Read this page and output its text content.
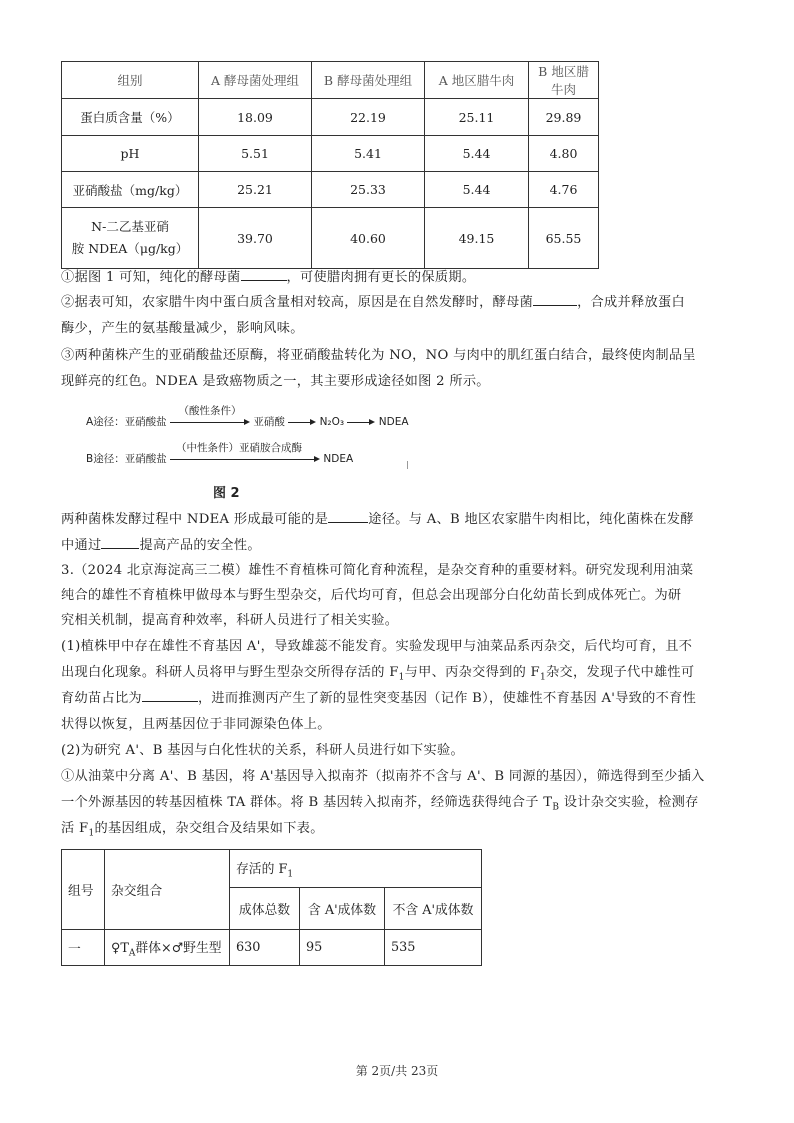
组别	A 酵母菌处理组	B 酵母菌处理组	A 地区腊牛肉	B 地区腊牛肉
蛋白质含量（%）	18.09	22.19	25.11	29.89
pH	5.51	5.41	5.44	4.80
亚硝酸盐（mg/kg）	25.21	25.33	5.44	4.76

N-二乙基亚硝
胺 NDEA（μg/kg）	39.70	40.60	49.15	65.55
①据图 1 可知，纯化的酵母菌	，可使腊肉拥有更长的保质期。
②据表可知，农家腊牛肉中蛋白质含量相对较高，原因是在自然发酵时，酵母菌	，合成并释放蛋白
酶少，产生的氨基酸量减少，影响风味。
③两种菌株产生的亚硝酸盐还原酶，将亚硝酸盐转化为 NO，NO 与肉中的肌红蛋白结合，最终使肉制品呈
现鲜亮的红色。NDEA 是致癌物质之一，其主要形成途径如图 2 所示。
A途径：亚硝酸盐
（酸性条件）
亚硝酸	N₂O₃	NDEA
B途径：亚硝酸盐
（中性条件）亚硝胺合成酶
NDEA
图 2
两种菌株发酵过程中 NDEA 形成最可能的是	途径。与 A、B 地区农家腊牛肉相比，纯化菌株在发酵
中通过	提高产品的安全性。
3.（2024 北京海淀高三二模）雄性不育植株可简化育种流程，是杂交育种的重要材料。研究发现利用油菜
纯合的雄性不育植株甲做母本与野生型杂交，后代均可育，但总会出现部分白化幼苗长到成体死亡。为研
究相关机制，提高育种效率，科研人员进行了相关实验。
(1)植株甲中存在雄性不育基因 A'，导致雄蕊不能发育。实验发现甲与油菜品系丙杂交，后代均可育，且不
出现白化现象。科研人员将甲与野生型杂交所得存活的 $F_1$与甲、丙杂交得到的 $F_1$杂交，发现子代中雄性可
育幼苗占比为	，进而推测丙产生了新的显性突变基因（记作 B），使雄性不育基因 A'导致的不育性
状得以恢复，且两基因位于非同源染色体上。
(2)为研究 A'、B 基因与白化性状的关系，科研人员进行如下实验。
①从油菜中分离 A'、B 基因，将 A'基因导入拟南芥（拟南芥不含与 A'、B 同源的基因），筛选得到至少插入
一个外源基因的转基因植株 TA 群体。将 B 基因转入拟南芥，经筛选获得纯合子 $T_B$ 设计杂交实验，检测存
活 $F_1$的基因组成，杂交组合及结果如下表。
组号	杂交组合	存活的 $F_1$
		成体总数	含 A'成体数	不含 A'成体数
一	$♀T_A$群体×♂野生型	630	95	535
第 2页/共 23页
